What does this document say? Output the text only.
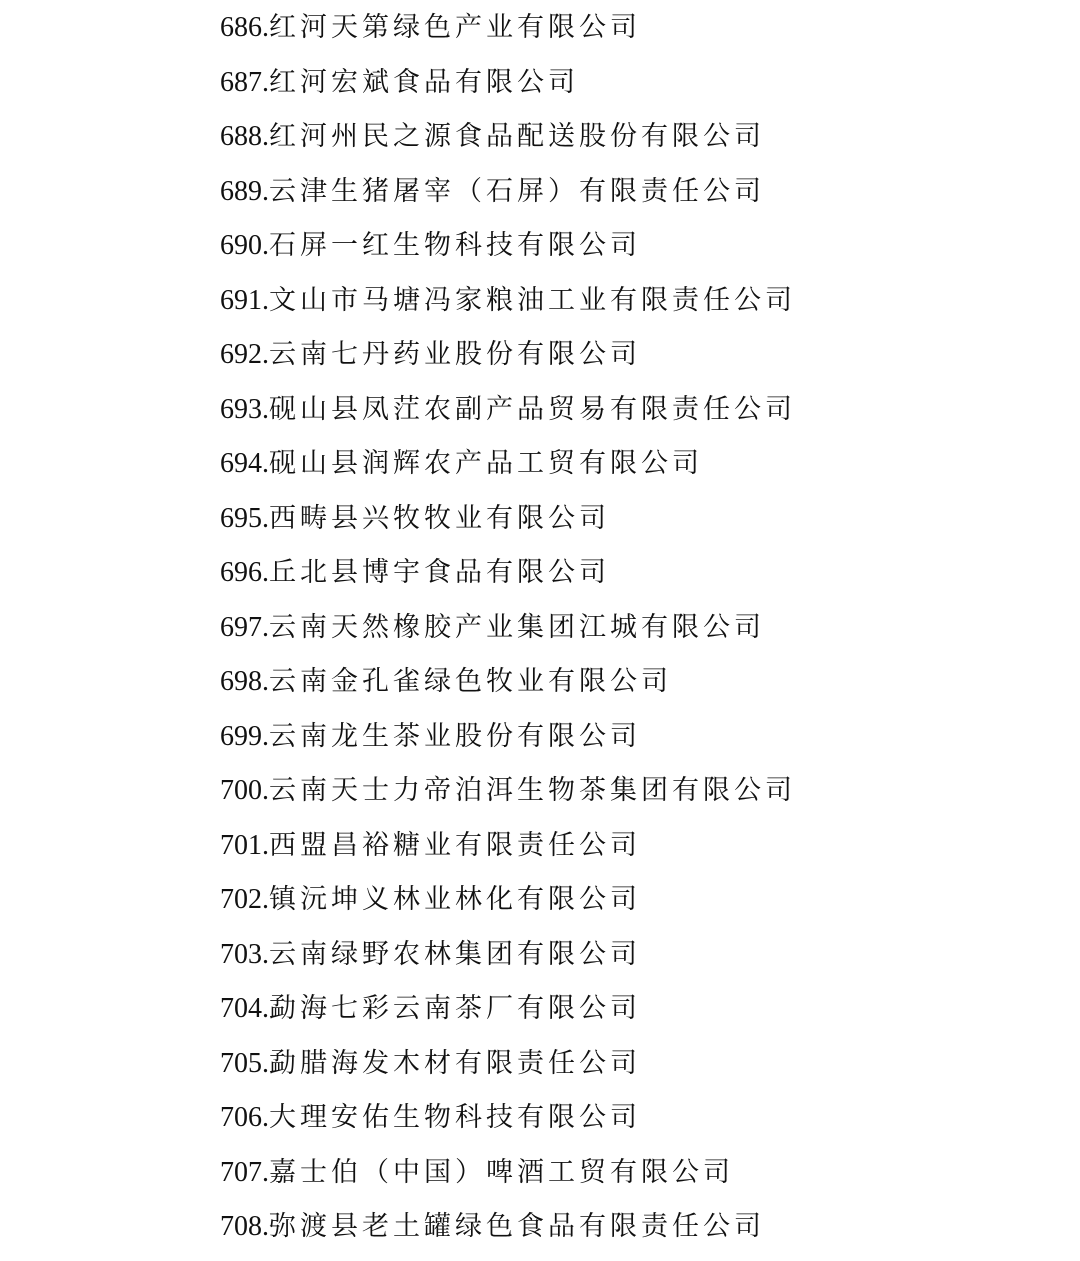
686.红河天第绿色产业有限公司
687.红河宏斌食品有限公司
688.红河州民之源食品配送股份有限公司
689.云津生猪屠宰（石屏）有限责任公司
690.石屏一红生物科技有限公司
691.文山市马塘冯家粮油工业有限责任公司
692.云南七丹药业股份有限公司
693.砚山县凤茳农副产品贸易有限责任公司
694.砚山县润辉农产品工贸有限公司
695.西畴县兴牧牧业有限公司
696.丘北县博宇食品有限公司
697.云南天然橡胶产业集团江城有限公司
698.云南金孔雀绿色牧业有限公司
699.云南龙生茶业股份有限公司
700.云南天士力帝泊洱生物茶集团有限公司
701.西盟昌裕糖业有限责任公司
702.镇沅坤义林业林化有限公司
703.云南绿野农林集团有限公司
704.勐海七彩云南茶厂有限公司
705.勐腊海发木材有限责任公司
706.大理安佑生物科技有限公司
707.嘉士伯（中国）啤酒工贸有限公司
708.弥渡县老土罐绿色食品有限责任公司
